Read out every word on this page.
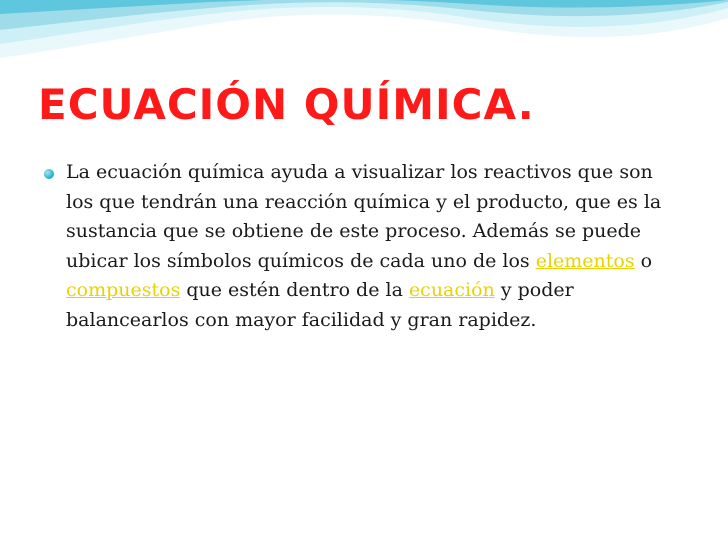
ECUACIÓN QUÍMICA.

La ecuación química ayuda a visualizar los reactivos que son los que tendrán una reacción química y el producto, que es la sustancia que se obtiene de este proceso. Además se puede ubicar los símbolos químicos de cada uno de los elementos o compuestos que estén dentro de la ecuación y poder balancearlos con mayor facilidad y gran rapidez.
